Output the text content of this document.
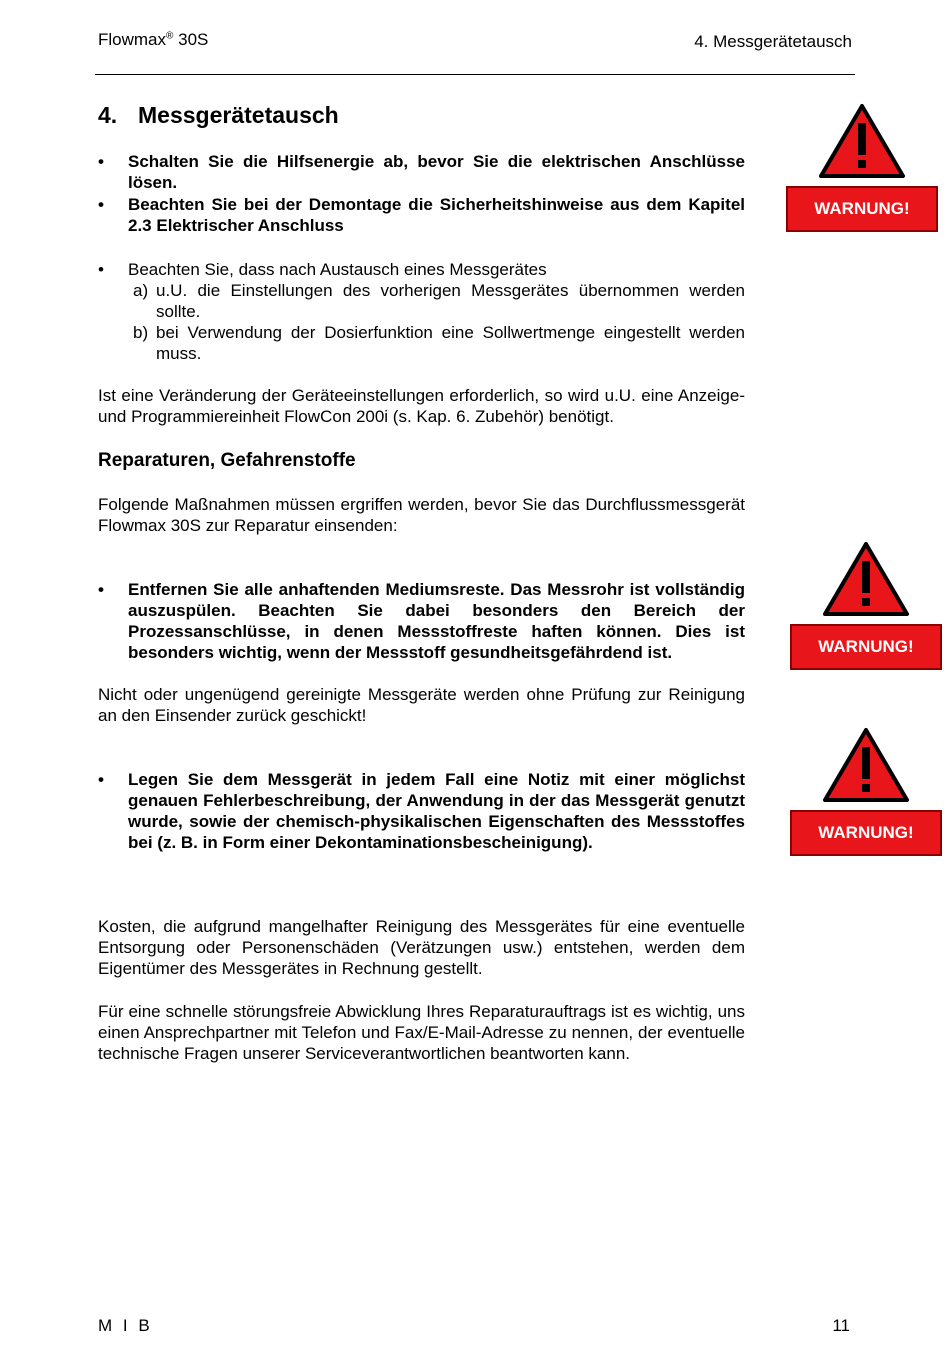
Flowmax® 30S	4. Messgerätetausch
4. Messgerätetausch
• Schalten Sie die Hilfsenergie ab, bevor Sie die elektrischen Anschlüsse lösen.
• Beachten Sie bei der Demontage die Sicherheitshinweise aus dem Kapitel 2.3 Elektrischer Anschluss
• Beachten Sie, dass nach Austausch eines Messgerätes
a) u.U. die Einstellungen des vorherigen Messgerätes übernommen werden sollte.
b) bei Verwendung der Dosierfunktion eine Sollwertmenge eingestellt werden muss.
Ist eine Veränderung der Geräteeinstellungen erforderlich, so wird u.U. eine Anzeige- und Programmiereinheit FlowCon 200i (s. Kap. 6. Zubehör) benötigt.
Reparaturen, Gefahrenstoffe
Folgende Maßnahmen müssen ergriffen werden, bevor Sie das Durchflussmessgerät Flowmax 30S zur Reparatur einsenden:
• Entfernen Sie alle anhaftenden Mediumsreste. Das Messrohr ist vollständig auszuspülen. Beachten Sie dabei besonders den Bereich der Prozessanschlüsse, in denen Messstoffreste haften können. Dies ist besonders wichtig, wenn der Messstoff gesundheitsgefährdend ist.
Nicht oder ungenügend gereinigte Messgeräte werden ohne Prüfung zur Reinigung an den Einsender zurück geschickt!
• Legen Sie dem Messgerät in jedem Fall eine Notiz mit einer möglichst genauen Fehlerbeschreibung, der Anwendung in der das Messgerät genutzt wurde, sowie der chemisch-physikalischen Eigenschaften des Messstoffes bei (z. B. in Form einer Dekontaminationsbescheinigung).
Kosten, die aufgrund mangelhafter Reinigung des Messgerätes für eine eventuelle Entsorgung oder Personenschäden (Verätzungen usw.) entstehen, werden dem Eigentümer des Messgerätes in Rechnung gestellt.
Für eine schnelle störungsfreie Abwicklung Ihres Reparaturauftrags ist es wichtig, uns einen Ansprechpartner mit Telefon und Fax/E-Mail-Adresse zu nennen, der eventuelle technische Fragen unserer Serviceverantwortlichen beantworten kann.
WARNUNG!
WARNUNG!
WARNUNG!
M I B	11
